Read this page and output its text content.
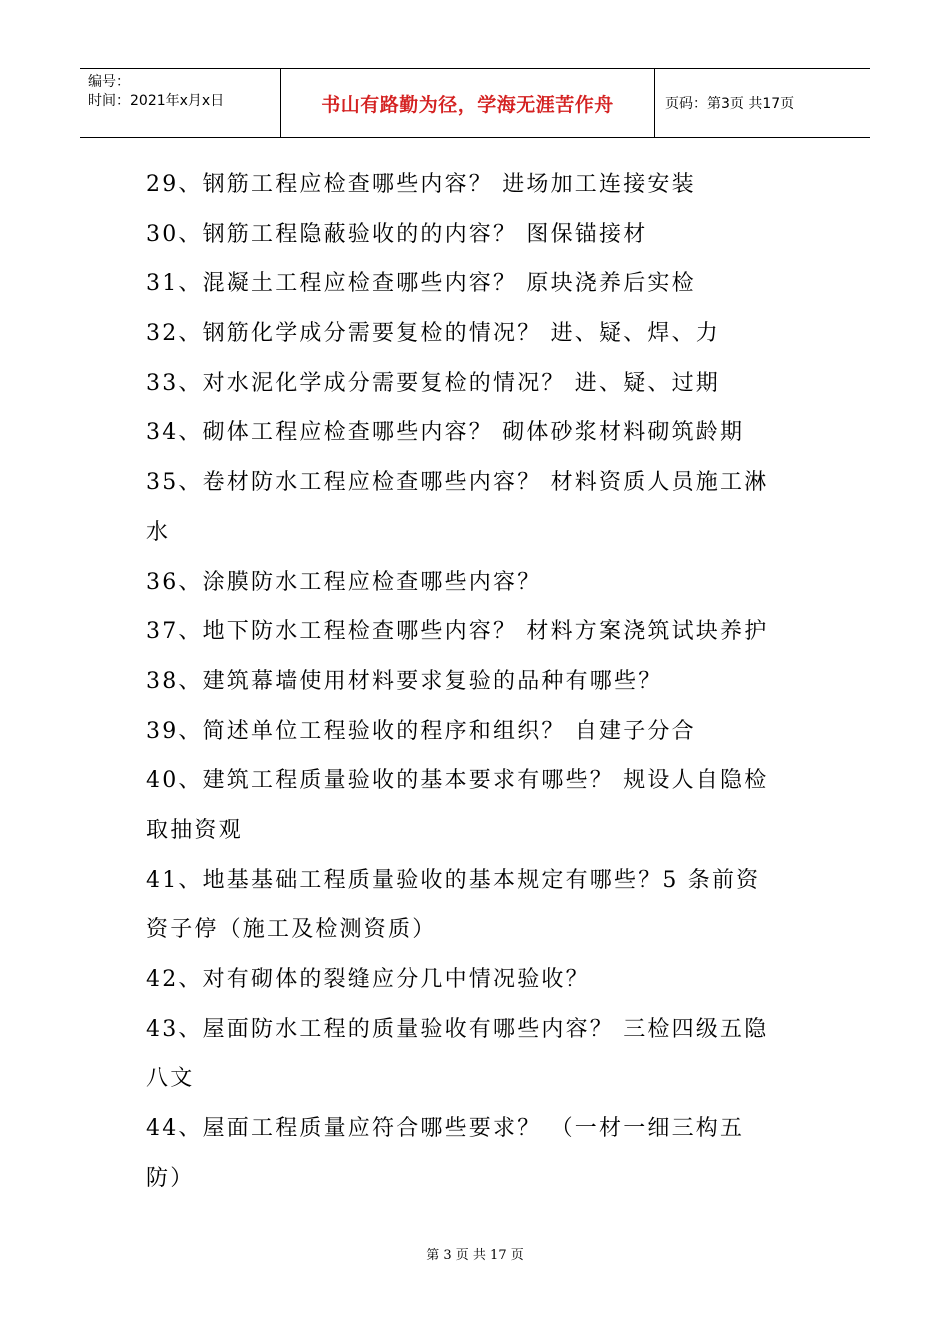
编号：
时间：2021年x月x日	书山有路勤为径，学海无涯苦作舟	页码：第3页 共17页
29、钢筋工程应检查哪些内容？ 进场加工连接安装
30、钢筋工程隐蔽验收的的内容？ 图保锚接材
31、混凝土工程应检查哪些内容？ 原块浇养后实检
32、钢筋化学成分需要复检的情况？ 进、疑、焊、力
33、对水泥化学成分需要复检的情况？ 进、疑、过期
34、砌体工程应检查哪些内容？ 砌体砂浆材料砌筑龄期
35、卷材防水工程应检查哪些内容？ 材料资质人员施工淋
水
36、涂膜防水工程应检查哪些内容？
37、地下防水工程检查哪些内容？ 材料方案浇筑试块养护
38、建筑幕墙使用材料要求复验的品种有哪些？
39、简述单位工程验收的程序和组织？ 自建子分合
40、建筑工程质量验收的基本要求有哪些？ 规设人自隐检
取抽资观
41、地基基础工程质量验收的基本规定有哪些？5 条前资
资子停（施工及检测资质）
42、对有砌体的裂缝应分几中情况验收？
43、屋面防水工程的质量验收有哪些内容？ 三检四级五隐
八文
44、屋面工程质量应符合哪些要求？ （一材一细三构五
防）
第 3 页 共 17 页
